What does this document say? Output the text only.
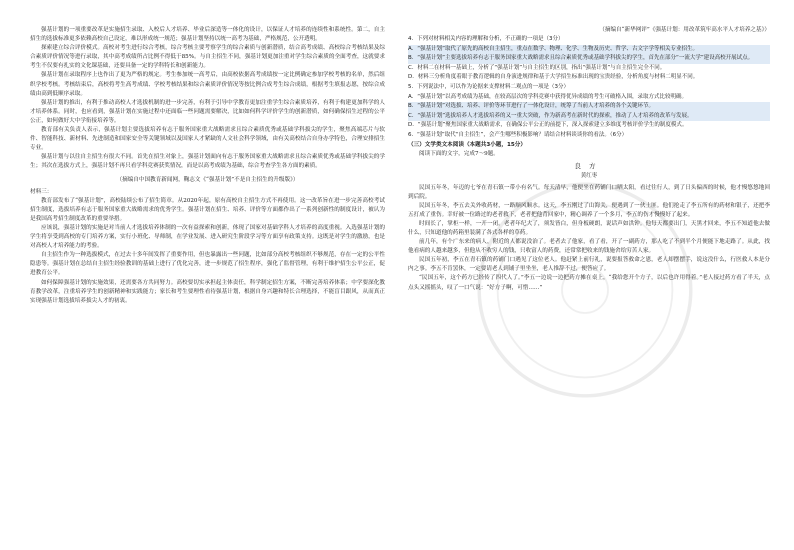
强基计划的一项重要改革是实施招生录取、入校后人才培养、毕业后深造等一体化的设计，以保证人才培养的连续性和系统性。第二，自主招生的选拔标准更多依赖高校自己设定，难以形成统一规范；强基计划坚持以统一高考为基础，严格规范，公开透明。

探索建立综合评价模式。高校对考生进行综合考核，综合考核主要考察学生的综合素质与创新潜质，结合高考成绩、高校综合考核结果及综合素质评价情况等进行录取，其中高考成绩所占比例不得低于85%。与自主招生不同，强基计划更加注重对学生综合素质的全面考查，这就要求考生不仅要有扎实的文化课基础，还要具备一定的学科特长和创新能力。

强基计划在录取程序上也作出了更为严格的规定。考生参加统一高考后，由高校依据高考成绩按一定比例确定参加学校考核的名单，然后组织学校考核。考核结束后，高校将考生高考成绩、学校考核结果和综合素质评价情况等按比例合成考生综合成绩，根据考生填报志愿，按综合成绩由高到低顺序录取。

强基计划的推出，有利于推动高校人才选拔机制的进一步完善，有利于引导中学教育更加注重学生综合素质培养，有利于构建更加科学的人才培养体系。同时，也应看到，强基计划在实施过程中还面临一些问题需要解决，比如如何科学评价学生的创新潜质，如何确保招生过程的公平公正，如何做好大中学衔接培养等。

教育部有关负责人表示，强基计划主要选拔培养有志于服务国家重大战略需求且综合素质优秀或基础学科拔尖的学生，聚焦高端芯片与软件、智能科技、新材料、先进制造和国家安全等关键领域以及国家人才紧缺的人文社会科学领域，由有关高校结合自身办学特色，合理安排招生专业。

强基计划与以往自主招生有很大不同。首先在招生对象上，强基计划面向有志于服务国家重大战略需求且综合素质优秀或基础学科拔尖的学生；其次在选拔方式上，强基计划不再只看学科竞赛获奖情况，而是以高考成绩为基础，综合考查学生各方面的素质。

（摘编自中国教育新闻网，鞠志文《“强基计划”不是自主招生的升级版》）

材料三：

教育部发布了“强基计划”，高校陆续公布了招生简章。从2020年起，原有高校自主招生方式不再使用。这一改革旨在进一步完善高校考试招生制度，选拔培养有志于服务国家重大战略需求的优秀学生。强基计划在招生、培养、评价等方面都作出了一系列创新性的制度设计，被认为是我国高考招生制度改革的重要举措。

应该说，强基计划的实施是对当前人才选拔培养体制的一次有益探索和创新，体现了国家对基础学科人才培养的高度重视。入选强基计划的学生将享受到高校的专门培养方案，实行小班化、导师制，在学业发展、进入研究生阶段学习等方面享有政策支持。这既是对学生的激励，也是对高校人才培养能力的考验。

自主招生作为一种选拔模式，在过去十多年间发挥了重要作用，但也暴露出一些问题，比如部分高校考核组织不够规范，存在一定的公平性隐患等。强基计划在总结自主招生经验教训的基础上进行了优化完善，进一步规范了招生程序，强化了监督管理，有利于维护招生公平公正，促进教育公平。

如何保障强基计划的实施效果，还需要各方共同努力。高校要切实承担起主体责任，科学制定招生方案，不断完善培养体系；中学要深化教育教学改革，注重培养学生的创新精神和实践能力；家长和考生要理性看待强基计划，根据自身兴趣和特长合理选择，不能盲目跟风，从而真正实现强基计划选拔培养拔尖人才的初衷。

（摘编自“新华网评”《强基计划：用改革筑牢高水平人才培养之基》）

4．下列对材料相关内容的理解和分析，不正确的一项是（3分）

A．“强基计划”取代了原先的高校自主招生，重点在数学、物理、化学、生物及历史、哲学、古文字学等相关专业招生。

B．“强基计划”主要选拔培养有志于服务国家重大战略需求且综合素质优秀或基础学科拔尖的学生，首先在部分“一流大学”建设高校开展试点。

C．材料二在材料一基础上，分析了“强基计划”与自主招生的区别，指出“强基计划”与自主招生完全不同。

D．材料三分析角度着眼于教育逻辑的自身演进规律和基于大学招生标准出现的宝贵经验，分析角度与材料二明显不同。

5．下列说法中，可以作为论据来支撑材料二观点的一项是（3分）

A．“强基计划”以高考成绩为基础，在较高层次的学科竞赛中获得优异成绩的考生可破格入围，录取方式比较明确。

B．“强基计划”对选拔、培养、评价等环节进行了一体化设计，统筹了当前人才培养的各个关键环节。

C．“强基计划”选拔培养人才选拔培养的又一重大突破，作为新高考在新时代的探索，推动了人才培养的改革与发展。

D．“强基计划”聚焦国家重大战略需求，在确保公平公正的前提下，深入探索建立多维度考核评价学生的制度模式。

6．“强基计划”取代“自主招生”，会产生哪些积极影响？请结合材料谈谈你的看法。（6分）

（三）文学类文本阅读（本题共3小题，15分）

阅读下面的文字，完成7～9题。

良方

黄红枣

民国五年冬，年迈的七爷在青石镇一带小有名气。每天清早，他便坐在药铺门口晒太阳，看过往行人，到了日头偏西的时候，他才慢悠悠地回到后院。

民国五年冬，李五去关外收药材，一路顺风顺水。这天，李五刚过了山海关，便遇到了一伙土匪。他们抢走了李五所有的药材和银子，还把李五打成了重伤。幸好被一位路过的老者救下，老者把他背回家中，精心调养了一个多月，李五的伤才慢慢好了起来。

时间长了，掌柜一样，一开一闭。老者年纪大了，须发皆白，但身板硬朗，说话声如洪钟。他每天都要出门，天黑才回来，李五不知道他去做什么，只知道他的药箱里装满了各式各样的草药。

前几年，有个广东来的病人，附近的人都说没治了。老者去了他家，看了看，开了一副药方，那人吃了不到半个月便能下地走路了。从此，找他看病的人越来越多，但他从不收穷人的钱，只收富人的药费，还常常把收来的钱施舍给穷苦人家。

民国五年初，李五在青石镇的药铺门口遇见了这位老人。他赶紧上前行礼，说要报答救命之恩，老人却摆摆手，说这没什么，行医救人本是分内之事。李五不肯罢休，一定要请老人到铺子里坐坐，老人推辞不过，便答应了。

“民国五年，这个药方已经传了四代人了。”李五一边说一边把药方摊在桌上，“我给您开个方子，以后也许用得着。”老人接过药方看了半天，点点头又摇摇头，叹了一口气说：“好方子啊，可惜……”
